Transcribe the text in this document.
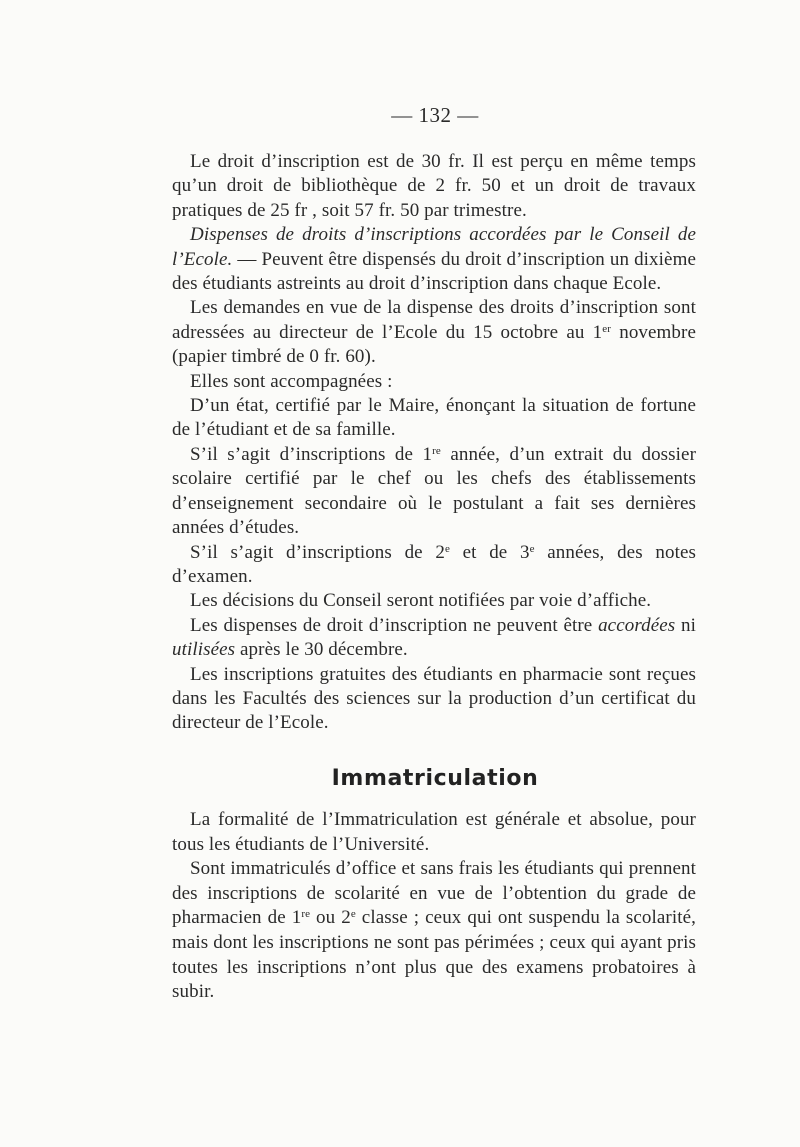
— 132 —

Le droit d’inscription est de 30 fr. Il est perçu en même temps qu’un droit de bibliothèque de 2 fr. 50 et un droit de travaux pratiques de 25 fr , soit 57 fr. 50 par trimestre.

Dispenses de droits d’inscriptions accordées par le Conseil de l’Ecole. — Peuvent être dispensés du droit d’inscription un dixième des étudiants astreints au droit d’inscription dans chaque Ecole.

Les demandes en vue de la dispense des droits d’inscription sont adressées au directeur de l’Ecole du 15 octobre au 1er novembre (papier timbré de 0 fr. 60).

Elles sont accompagnées :

D’un état, certifié par le Maire, énonçant la situation de fortune de l’étudiant et de sa famille.

S’il s’agit d’inscriptions de 1re année, d’un extrait du dossier scolaire certifié par le chef ou les chefs des établissements d’enseignement secondaire où le postulant a fait ses dernières années d’études.

S’il s’agit d’inscriptions de 2e et de 3e années, des notes d’examen.

Les décisions du Conseil seront notifiées par voie d’affiche.

Les dispenses de droit d’inscription ne peuvent être accordées ni utilisées après le 30 décembre.

Les inscriptions gratuites des étudiants en pharmacie sont reçues dans les Facultés des sciences sur la production d’un certificat du directeur de l’Ecole.

Immatriculation

La formalité de l’Immatriculation est générale et absolue, pour tous les étudiants de l’Université.

Sont immatriculés d’office et sans frais les étudiants qui prennent des inscriptions de scolarité en vue de l’obtention du grade de pharmacien de 1re ou 2e classe ; ceux qui ont suspendu la scolarité, mais dont les inscriptions ne sont pas périmées ; ceux qui ayant pris toutes les inscriptions n’ont plus que des examens probatoires à subir.
